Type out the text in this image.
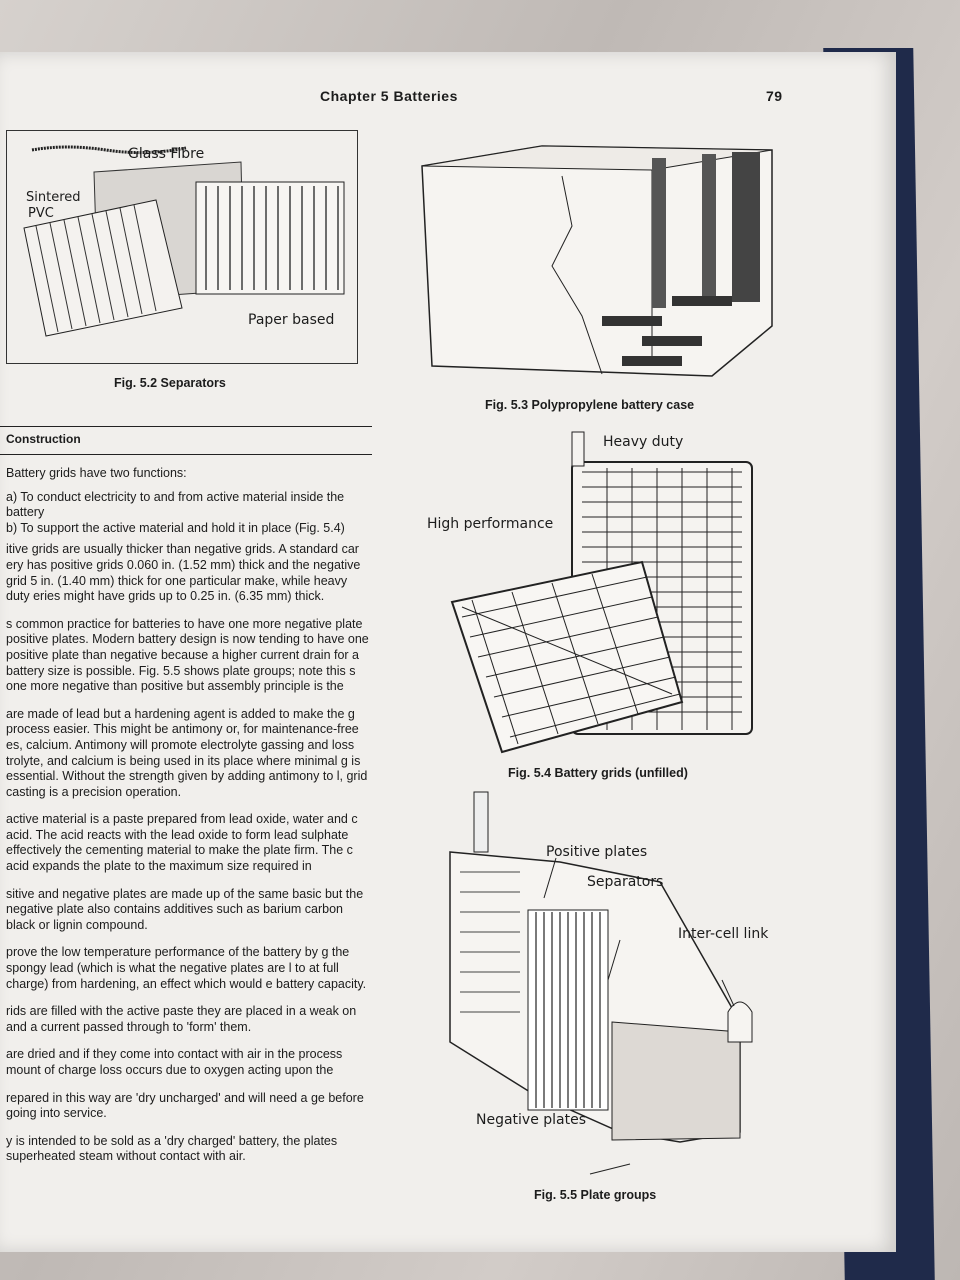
Chapter 5 Batteries	79
Glass Fibre
Sintered
PVC
Paper based
Fig. 5.2 Separators
Fig. 5.3 Polypropylene battery case
Construction	Heavy duty
High performance
Fig. 5.4 Battery grids (unfilled)
Positive plates
Separators
Inter-cell link
Negative plates
Fig. 5.5 Plate groups

Battery grids have two functions:

a) To conduct electricity to and from active material inside the battery

b) To support the active material and hold it in place (Fig. 5.4)

itive grids are usually thicker than negative grids. A standard car ery has positive grids 0.060 in. (1.52 mm) thick and the negative grid 5 in. (1.40 mm) thick for one particular make, while heavy duty eries might have grids up to 0.25 in. (6.35 mm) thick.

s common practice for batteries to have one more negative plate positive plates. Modern battery design is now tending to have one positive plate than negative because a higher current drain for a battery size is possible. Fig. 5.5 shows plate groups; note this s one more negative than positive but assembly principle is the

are made of lead but a hardening agent is added to make the g process easier. This might be antimony or, for maintenance-free es, calcium. Antimony will promote electrolyte gassing and loss trolyte, and calcium is being used in its place where minimal g is essential. Without the strength given by adding antimony to l, grid casting is a precision operation.

active material is a paste prepared from lead oxide, water and c acid. The acid reacts with the lead oxide to form lead sulphate effectively the cementing material to make the plate firm. The c acid expands the plate to the maximum size required in

sitive and negative plates are made up of the same basic but the negative plate also contains additives such as barium carbon black or lignin compound.

prove the low temperature performance of the battery by g the spongy lead (which is what the negative plates are l to at full charge) from hardening, an effect which would e battery capacity.

rids are filled with the active paste they are placed in a weak on and a current passed through to 'form' them.

are dried and if they come into contact with air in the process mount of charge loss occurs due to oxygen acting upon the

repared in this way are 'dry uncharged' and will need a ge before going into service.

y is intended to be sold as a 'dry charged' battery, the plates superheated steam without contact with air.
